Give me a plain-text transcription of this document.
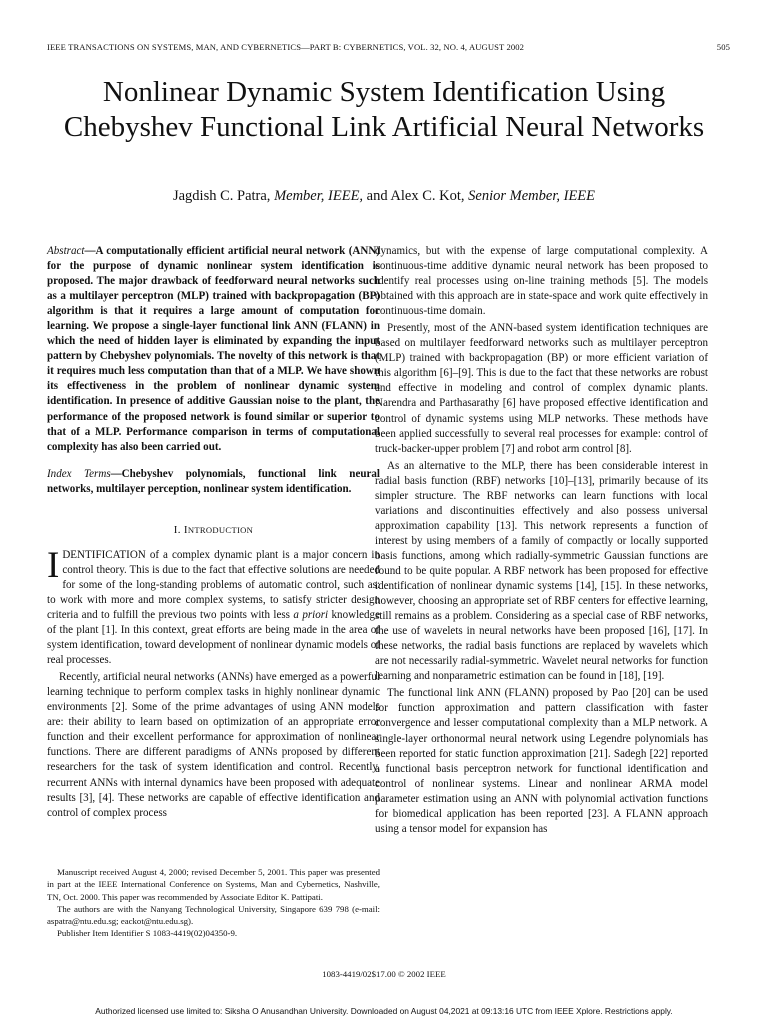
IEEE TRANSACTIONS ON SYSTEMS, MAN, AND CYBERNETICS—PART B: CYBERNETICS, VOL. 32, NO. 4, AUGUST 2002	505
Nonlinear Dynamic System Identification Using Chebyshev Functional Link Artificial Neural Networks
Jagdish C. Patra, Member, IEEE, and Alex C. Kot, Senior Member, IEEE
Abstract—A computationally efficient artificial neural network (ANN) for the purpose of dynamic nonlinear system identification is proposed. The major drawback of feedforward neural networks such as a multilayer perceptron (MLP) trained with backpropagation (BP) algorithm is that it requires a large amount of computation for learning. We propose a single-layer functional link ANN (FLANN) in which the need of hidden layer is eliminated by expanding the input pattern by Chebyshev polynomials. The novelty of this network is that it requires much less computation than that of a MLP. We have shown its effectiveness in the problem of nonlinear dynamic system identification. In presence of additive Gaussian noise to the plant, the performance of the proposed network is found similar or superior to that of a MLP. Performance comparison in terms of computational complexity has also been carried out.
Index Terms—Chebyshev polynomials, functional link neural networks, multilayer perception, nonlinear system identification.
I. INTRODUCTION

IDENTIFICATION of a complex dynamic plant is a major concern in control theory. This is due to the fact that effective solutions are needed for some of the long-standing problems of automatic control, such as: to work with more and more complex systems, to satisfy stricter design criteria and to fulfill the previous two points with less a priori knowledge of the plant [1]. In this context, great efforts are being made in the area of system identification, toward development of nonlinear dynamic models of real processes.

Recently, artificial neural networks (ANNs) have emerged as a powerful learning technique to perform complex tasks in highly nonlinear dynamic environments [2]. Some of the prime advantages of using ANN models are: their ability to learn based on optimization of an appropriate error function and their excellent performance for approximation of nonlinear functions. There are different paradigms of ANNs proposed by different researchers for the task of system identification and control. Recently, recurrent ANNs with internal dynamics have been proposed with adequate results [3], [4]. These networks are capable of effective identification and control of complex process

dynamics, but with the expense of large computational complexity. A continuous-time additive dynamic neural network has been proposed to identify real processes using on-line training methods [5]. The models obtained with this approach are in state-space and work quite effectively in continuous-time domain.

Presently, most of the ANN-based system identification techniques are based on multilayer feedforward networks such as multilayer perceptron (MLP) trained with backpropagation (BP) or more efficient variation of this algorithm [6]–[9]. This is due to the fact that these networks are robust and effective in modeling and control of complex dynamic plants. Narendra and Parthasarathy [6] have proposed effective identification and control of dynamic systems using MLP networks. These methods have been applied successfully to several real processes for example: control of truck-backer-upper problem [7] and robot arm control [8].

As an alternative to the MLP, there has been considerable interest in radial basis function (RBF) networks [10]–[13], primarily because of its simpler structure. The RBF networks can learn functions with local variations and discontinuities effectively and also possess universal approximation capability [13]. This network represents a function of interest by using members of a family of compactly or locally supported basis functions, among which radially-symmetric Gaussian functions are found to be quite popular. A RBF network has been proposed for effective identification of nonlinear dynamic systems [14], [15]. In these networks, however, choosing an appropriate set of RBF centers for effective learning, still remains as a problem. Considering as a special case of RBF networks, the use of wavelets in neural networks have been proposed [16], [17]. In these networks, the radial basis functions are replaced by wavelets which are not necessarily radial-symmetric. Wavelet neural networks for function learning and nonparametric estimation can be found in [18], [19].

The functional link ANN (FLANN) proposed by Pao [20] can be used for function approximation and pattern classification with faster convergence and lesser computational complexity than a MLP network. A single-layer orthonormal neural network using Legendre polynomials has been reported for static function approximation [21]. Sadegh [22] reported a functional basis perceptron network for functional identification and control of nonlinear systems. Linear and nonlinear ARMA model parameter estimation using an ANN with polynomial activation functions for biomedical application has been reported [23]. A FLANN approach using a tensor model for expansion has

Manuscript received August 4, 2000; revised December 5, 2001. This paper was presented in part at the IEEE International Conference on Systems, Man and Cybernetics, Nashville, TN, Oct. 2000. This paper was recommended by Associate Editor K. Pattipati.

The authors are with the Nanyang Technological University, Singapore 639 798 (e-mail: aspatra@ntu.edu.sg; eackot@ntu.edu.sg).

Publisher Item Identifier S 1083-4419(02)04350-9.

1083-4419/02$17.00 © 2002 IEEE
Authorized licensed use limited to: Siksha O Anusandhan University. Downloaded on August 04,2021 at 09:13:16 UTC from IEEE Xplore. Restrictions apply.
